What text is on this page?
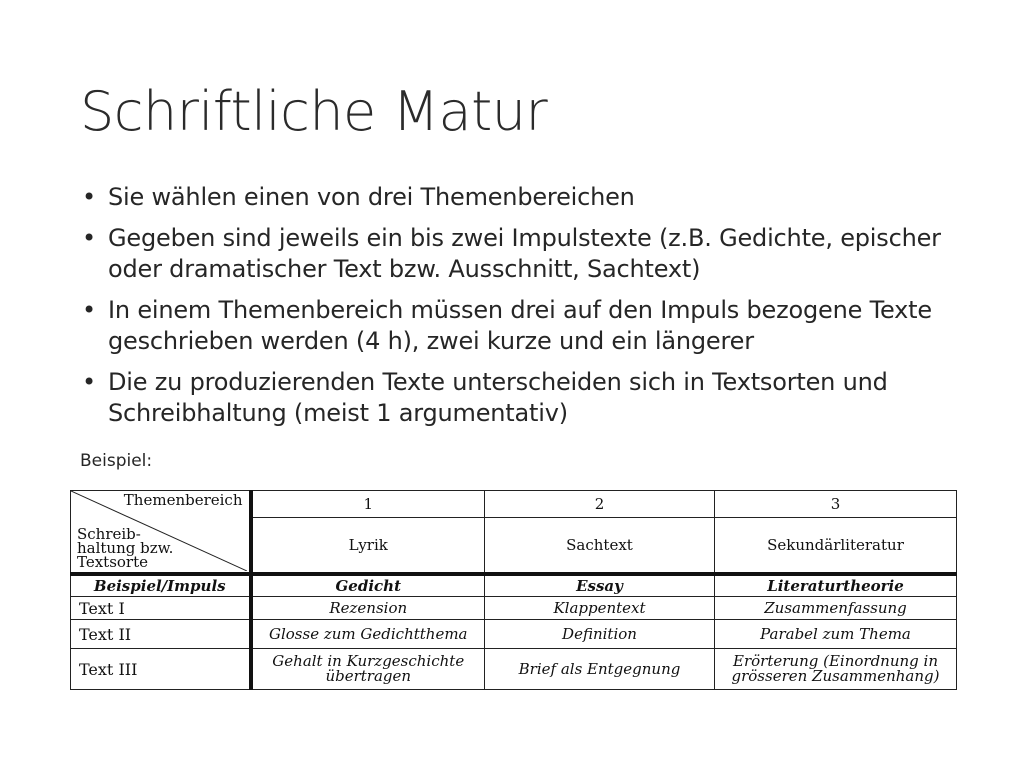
Schriftliche Matur
• Sie wählen einen von drei Themenbereichen
• Gegeben sind jeweils ein bis zwei Impulstexte (z.B. Gedichte, epischer oder dramatischer Text bzw. Ausschnitt, Sachtext)
• In einem Themenbereich müssen drei auf den Impuls bezogene Texte geschrieben werden (4 h), zwei kurze und ein längerer
• Die zu produzierenden Texte unterscheiden sich in Textsorten und Schreibhaltung (meist 1 argumentativ)
Beispiel:
Themenbereich
Schreib-
haltung bzw.
Textsorte	1	2	3
	Lyrik	Sachtext	Sekundärliteratur
Beispiel/Impuls	Gedicht	Essay	Literaturtheorie
Text I	Rezension	Klappentext	Zusammenfassung
Text II	Glosse zum Gedichtthema	Definition	Parabel zum Thema
Text III	Gehalt in Kurzgeschichte übertragen	Brief als Entgegnung	Erörterung (Einordnung in grösseren Zusammenhang)
